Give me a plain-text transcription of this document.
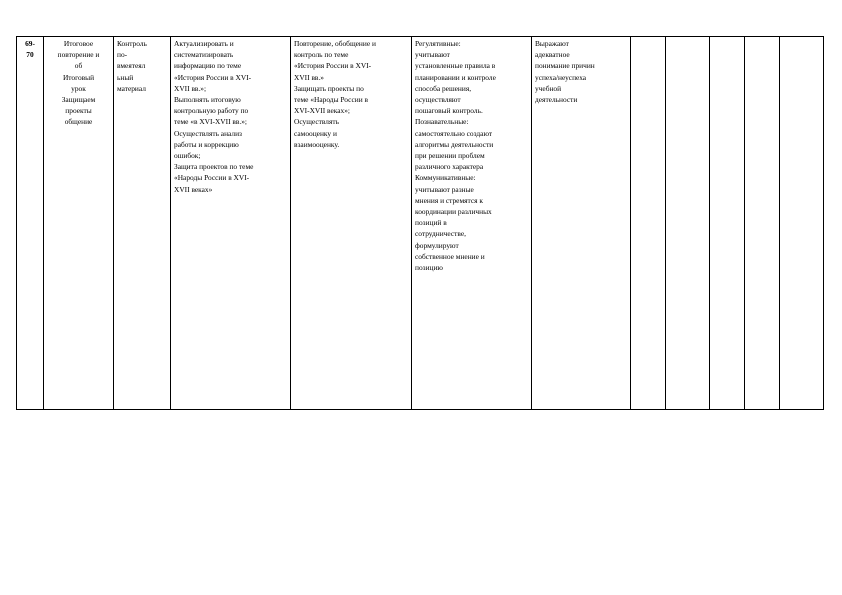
69-
70

Итоговое
повторение и
об
Итоговый
урок
Защищаем
проекты
общение

Контроль
по-
вмеятеял
ьный
материал

Актуализировать и
систематизировать
информацию по теме
«История России в XVI-
XVII вв.»;
Выполнять итоговую
контрольную работу по
теме «в XVI-XVII вв.»;
Осуществлять анализ
работы и коррекцию
ошибок;
Защита проектов по теме
«Народы России в XVI-
XVII веках»

Повторение, обобщение и
контроль по теме
«История России в XVI-
XVII вв.»
Защищать проекты по
теме «Народы России в
XVI-XVII веках»;
Осуществлять
самооценку и
взаимооценку.

Регулятивные:
учитывают
установленные правила в
планировании и контроле
способа решения,
осуществляют
пошаговый контроль.
Познавательные:
самостоятельно создают
алгоритмы деятельности
при решении проблем
различного характера
Коммуникативные:
учитывают разные
мнения и стремятся к
координации различных
позиций в
сотрудничестве,
формулируют
собственное мнение и
позицию

Выражают
адекватное
понимание причин
успеха/неуспеха
учебной
деятельности
